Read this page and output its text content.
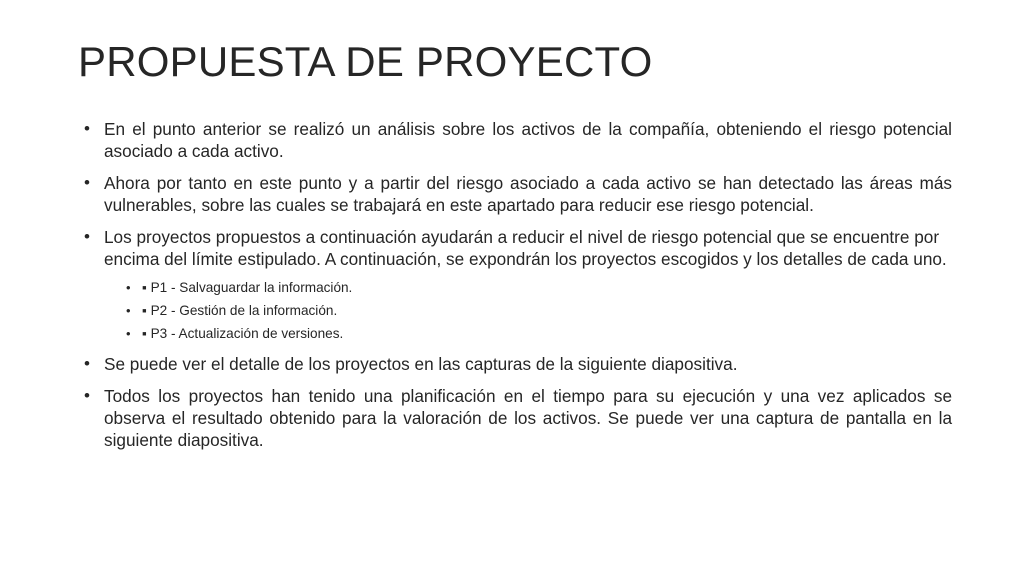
PROPUESTA DE PROYECTO
• En el punto anterior se realizó un análisis sobre los activos de la compañía, obteniendo el riesgo potencial asociado a cada activo.
• Ahora por tanto en este punto y a partir del riesgo asociado a cada activo se han detectado las áreas más vulnerables, sobre las cuales se trabajará en este apartado para reducir ese riesgo potencial.
• Los proyectos propuestos a continuación ayudarán a reducir el nivel de riesgo potencial que se encuentre por encima del límite estipulado. A continuación, se expondrán los proyectos escogidos y los detalles de cada uno.
• ▪ P1 - Salvaguardar la información.
• ▪ P2 - Gestión de la información.
• ▪ P3 - Actualización de versiones.
• Se puede ver el detalle de los proyectos en las capturas de la siguiente diapositiva.
• Todos los proyectos han tenido una planificación en el tiempo para su ejecución y una vez aplicados se observa el resultado obtenido para la valoración de los activos. Se puede ver una captura de pantalla en la siguiente diapositiva.
